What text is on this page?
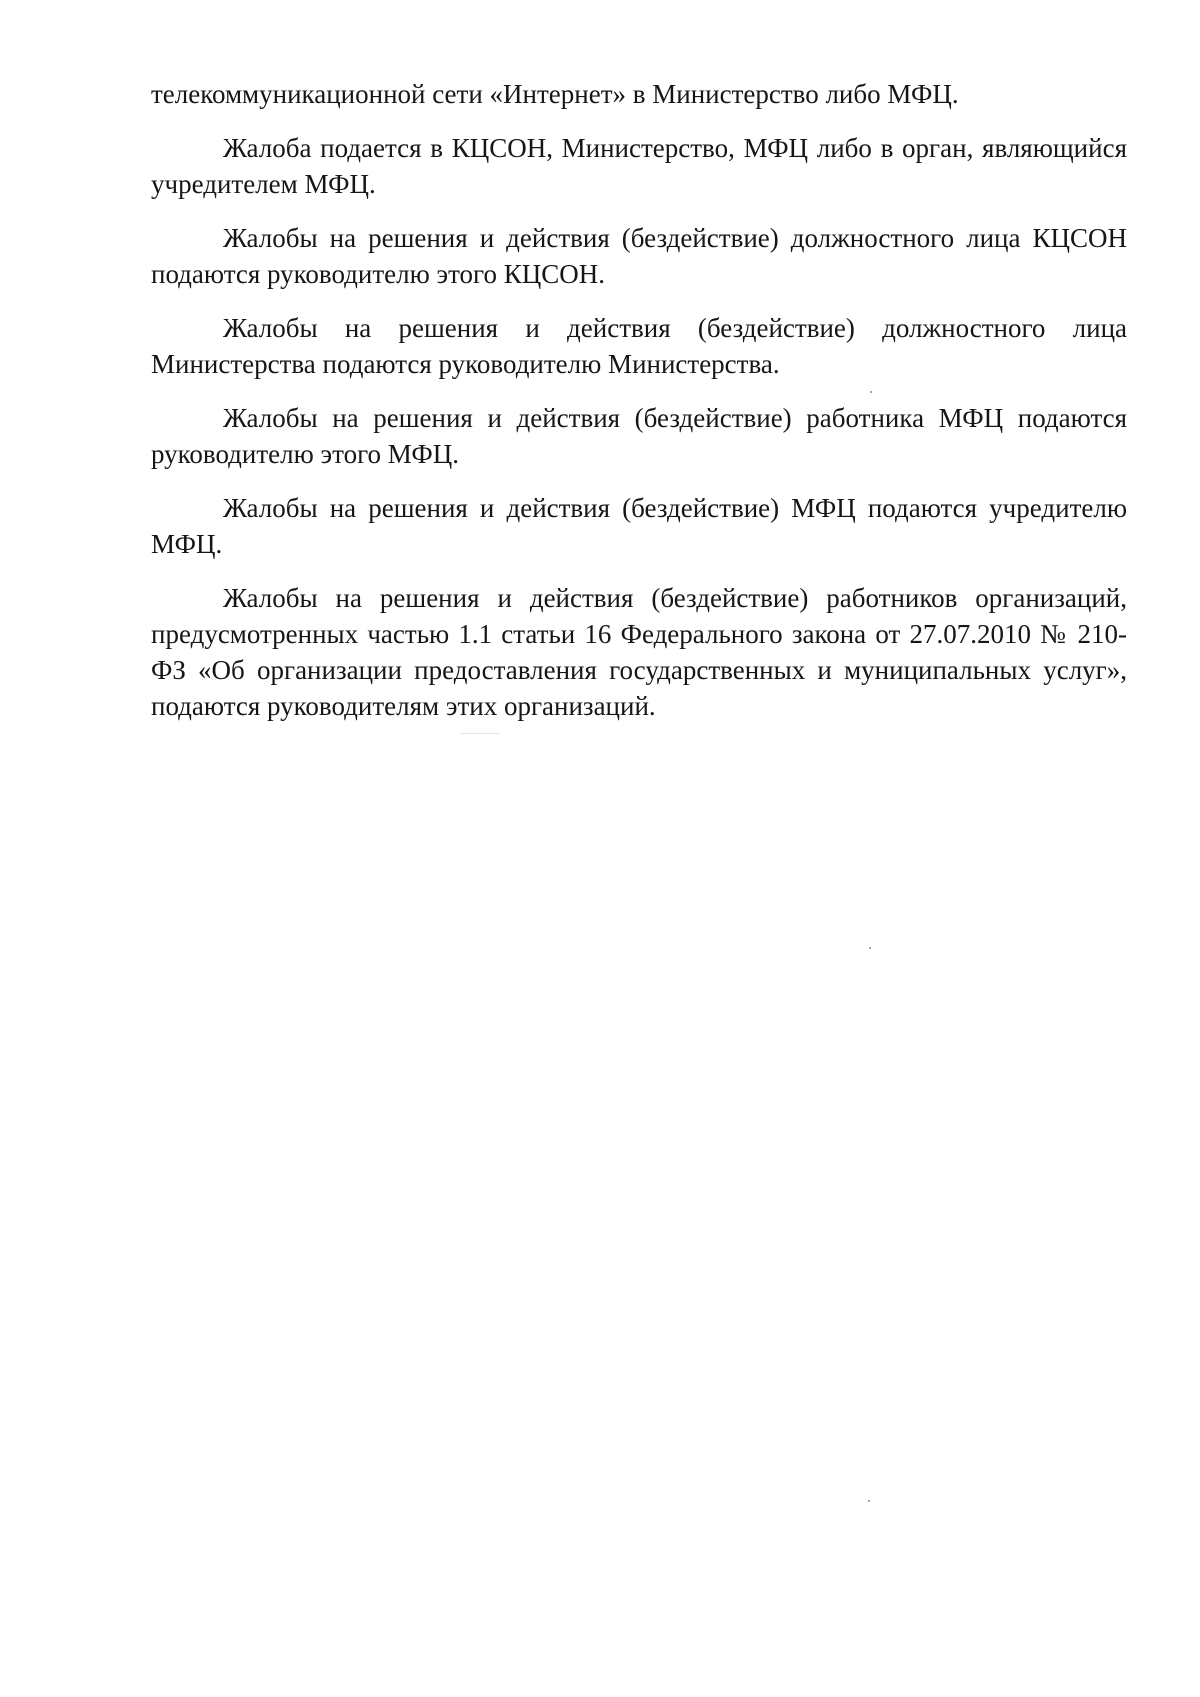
телекоммуникационной сети «Интернет» в Министерство либо МФЦ.

Жалоба подается в КЦСОН, Министерство, МФЦ либо в орган, являющийся учредителем МФЦ.

Жалобы на решения и действия (бездействие) должностного лица КЦСОН подаются руководителю этого КЦСОН.

Жалобы на решения и действия (бездействие) должностного лица Министерства подаются руководителю Министерства.

Жалобы на решения и действия (бездействие) работника МФЦ подаются руководителю этого МФЦ.

Жалобы на решения и действия (бездействие) МФЦ подаются учредителю МФЦ.

Жалобы на решения и действия (бездействие) работников организаций, предусмотренных частью 1.1 статьи 16 Федерального закона от 27.07.2010 № 210-ФЗ «Об организации предоставления государственных и муниципальных услуг», подаются руководителям этих организаций.
